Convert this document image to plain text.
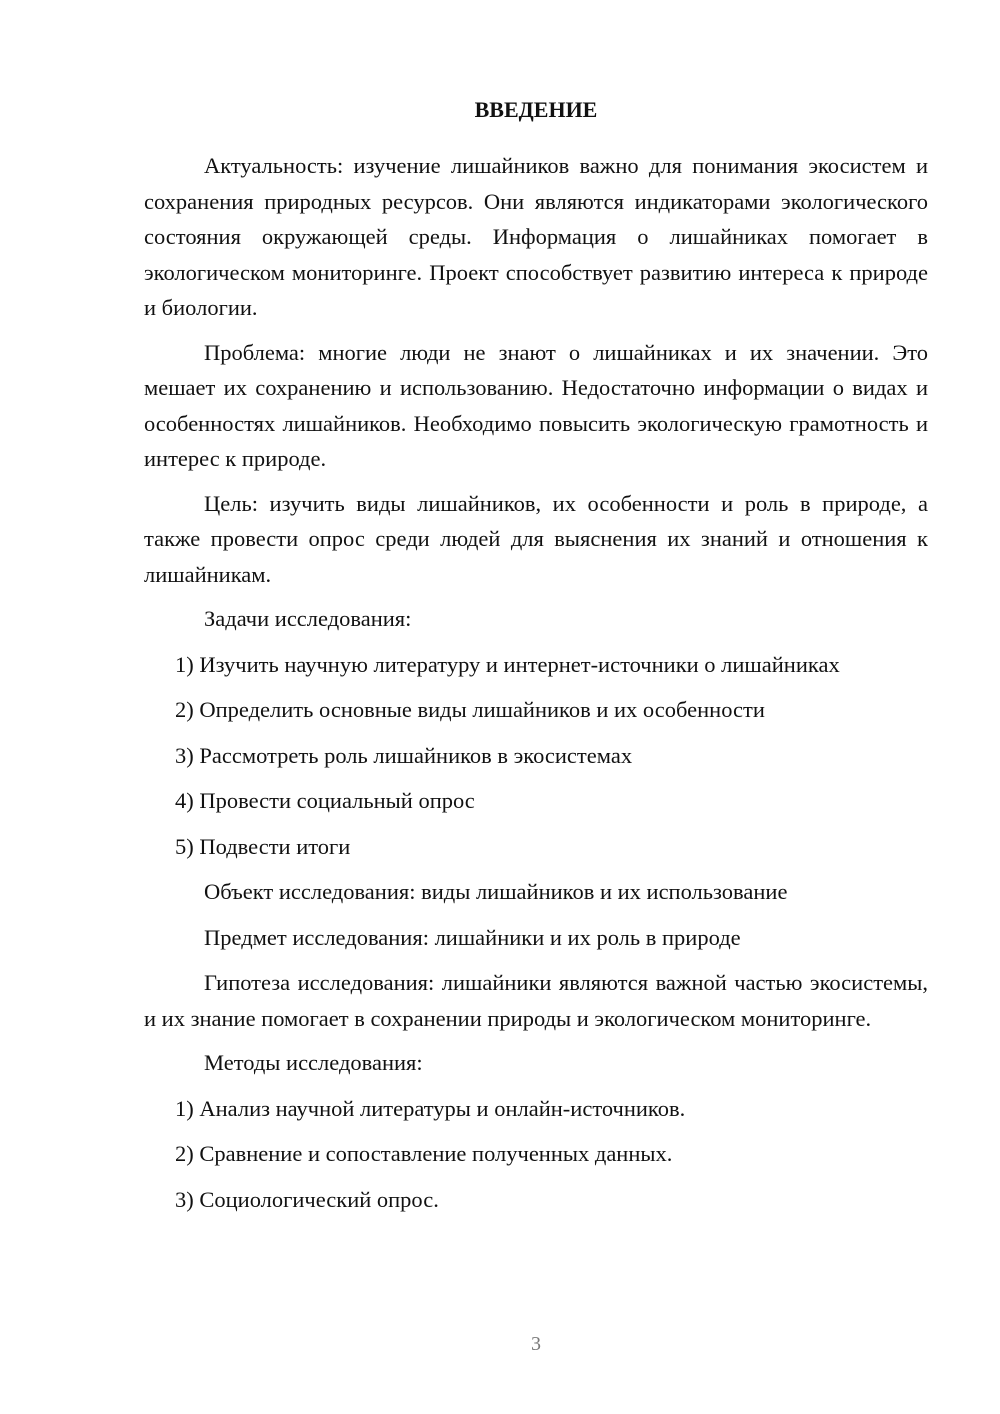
ВВЕДЕНИЕ

Актуальность: изучение лишайников важно для понимания экосистем и сохранения природных ресурсов. Они являются индикаторами экологического состояния окружающей среды. Информация о лишайниках помогает в экологическом мониторинге. Проект способствует развитию интереса к природе и биологии.

Проблема: многие люди не знают о лишайниках и их значении. Это мешает их сохранению и использованию. Недостаточно информации о видах и особенностях лишайников. Необходимо повысить экологическую грамотность и интерес к природе.

Цель: изучить виды лишайников, их особенности и роль в природе, а также провести опрос среди людей для выяснения их знаний и отношения к лишайникам.

Задачи исследования:
1) Изучить научную литературу и интернет-источники о лишайниках
2) Определить основные виды лишайников и их особенности
3) Рассмотреть роль лишайников в экосистемах
4) Провести социальный опрос
5) Подвести итоги
Объект исследования: виды лишайников и их использование
Предмет исследования: лишайники и их роль в природе

Гипотеза исследования: лишайники являются важной частью экосистемы, и их знание помогает в сохранении природы и экологическом мониторинге.

Методы исследования:
1) Анализ научной литературы и онлайн-источников.
2) Сравнение и сопоставление полученных данных.
3) Социологический опрос.
3
